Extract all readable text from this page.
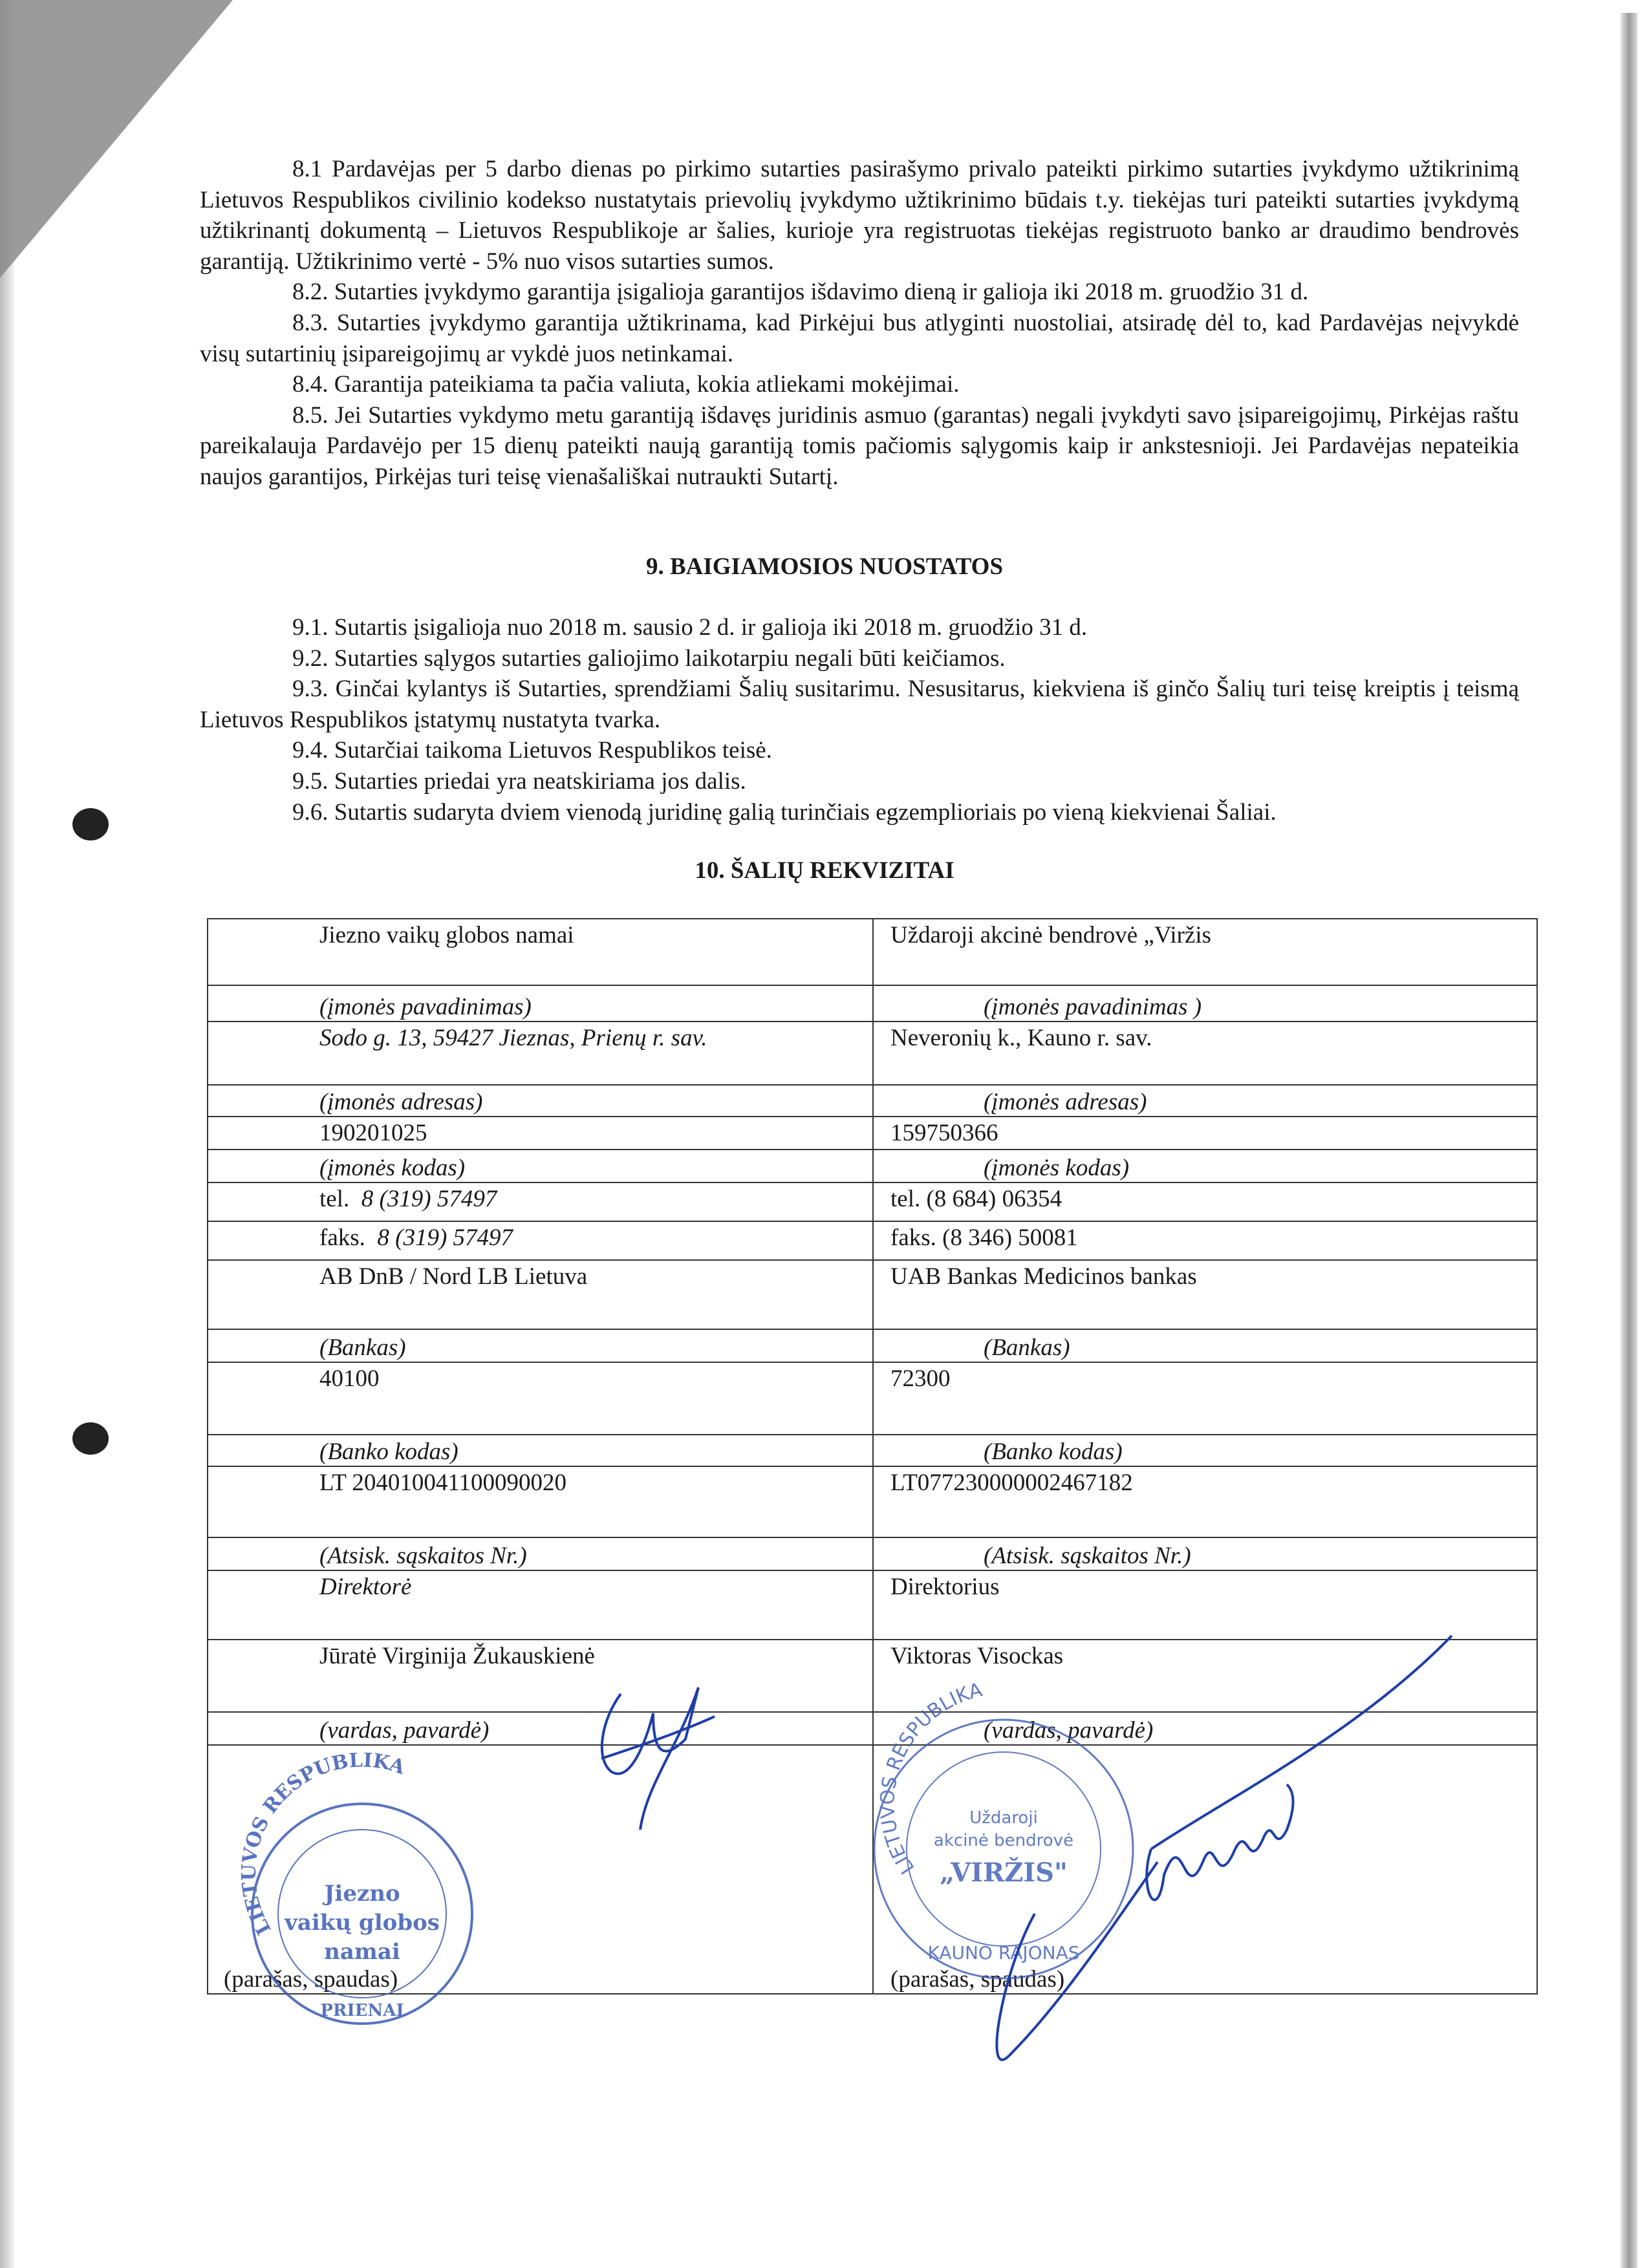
8.1 Pardavėjas per 5 darbo dienas po pirkimo sutarties pasirašymo privalo pateikti pirkimo sutarties įvykdymo užtikrinimą Lietuvos Respublikos civilinio kodekso nustatytais prievolių įvykdymo užtikrinimo būdais t.y. tiekėjas turi pateikti sutarties įvykdymą užtikrinantį dokumentą – Lietuvos Respublikoje ar šalies, kurioje yra registruotas tiekėjas registruoto banko ar draudimo bendrovės garantiją. Užtikrinimo vertė - 5% nuo visos sutarties sumos.

8.2. Sutarties įvykdymo garantija įsigalioja garantijos išdavimo dieną ir galioja iki 2018 m. gruodžio 31 d.

8.3. Sutarties įvykdymo garantija užtikrinama, kad Pirkėjui bus atlyginti nuostoliai, atsiradę dėl to, kad Pardavėjas neįvykdė visų sutartinių įsipareigojimų ar vykdė juos netinkamai.

8.4. Garantija pateikiama ta pačia valiuta, kokia atliekami mokėjimai.

8.5. Jei Sutarties vykdymo metu garantiją išdavęs juridinis asmuo (garantas) negali įvykdyti savo įsipareigojimų, Pirkėjas raštu pareikalauja Pardavėjo per 15 dienų pateikti naują garantiją tomis pačiomis sąlygomis kaip ir ankstesnioji. Jei Pardavėjas nepateikia naujos garantijos, Pirkėjas turi teisę vienašališkai nutraukti Sutartį.

9. BAIGIAMOSIOS NUOSTATOS

9.1. Sutartis įsigalioja nuo 2018 m. sausio 2 d. ir galioja iki 2018 m. gruodžio 31 d.

9.2. Sutarties sąlygos sutarties galiojimo laikotarpiu negali būti keičiamos.

9.3. Ginčai kylantys iš Sutarties, sprendžiami Šalių susitarimu. Nesusitarus, kiekviena iš ginčo Šalių turi teisę kreiptis į teismą Lietuvos Respublikos įstatymų nustatyta tvarka.

9.4. Sutarčiai taikoma Lietuvos Respublikos teisė.

9.5. Sutarties priedai yra neatskiriama jos dalis.

9.6. Sutartis sudaryta dviem vienodą juridinę galią turinčiais egzemplioriais po vieną kiekvienai Šaliai.

10. ŠALIŲ REKVIZITAI
Jiezno vaikų globos namai	Uždaroji akcinė bendrovė „Viržis
(įmonės pavadinimas)	(įmonės pavadinimas )
Sodo g. 13, 59427 Jieznas, Prienų r. sav.	Neveronių k., Kauno r. sav.
(įmonės adresas)	(įmonės adresas)
190201025	159750366
(įmonės kodas)	(įmonės kodas)
tel. 8 (319) 57497	tel. (8 684) 06354
faks. 8 (319) 57497	faks. (8 346) 50081
AB DnB / Nord LB Lietuva	UAB Bankas Medicinos bankas
(Bankas)	(Bankas)
40100	72300
(Banko kodas)	(Banko kodas)
LT 204010041100090020	LT077230000002467182
(Atsisk. sąskaitos Nr.)	(Atsisk. sąskaitos Nr.)
Direktorė	Direktorius
Jūratė Virginija Žukauskienė	Viktoras Visockas
(vardas, pavardė)	(vardas, pavardė)
(parašas, spaudas)	(parašas, spaudas)
LIETUVOS RESPUBLIKA
Jiezno
vaikų globos
namai
PRIENAI
LIETUVOS RESPUBLIKA
Uždaroji
akcinė bendrovė
„VIRŽIS"
KAUNO RAJONAS
